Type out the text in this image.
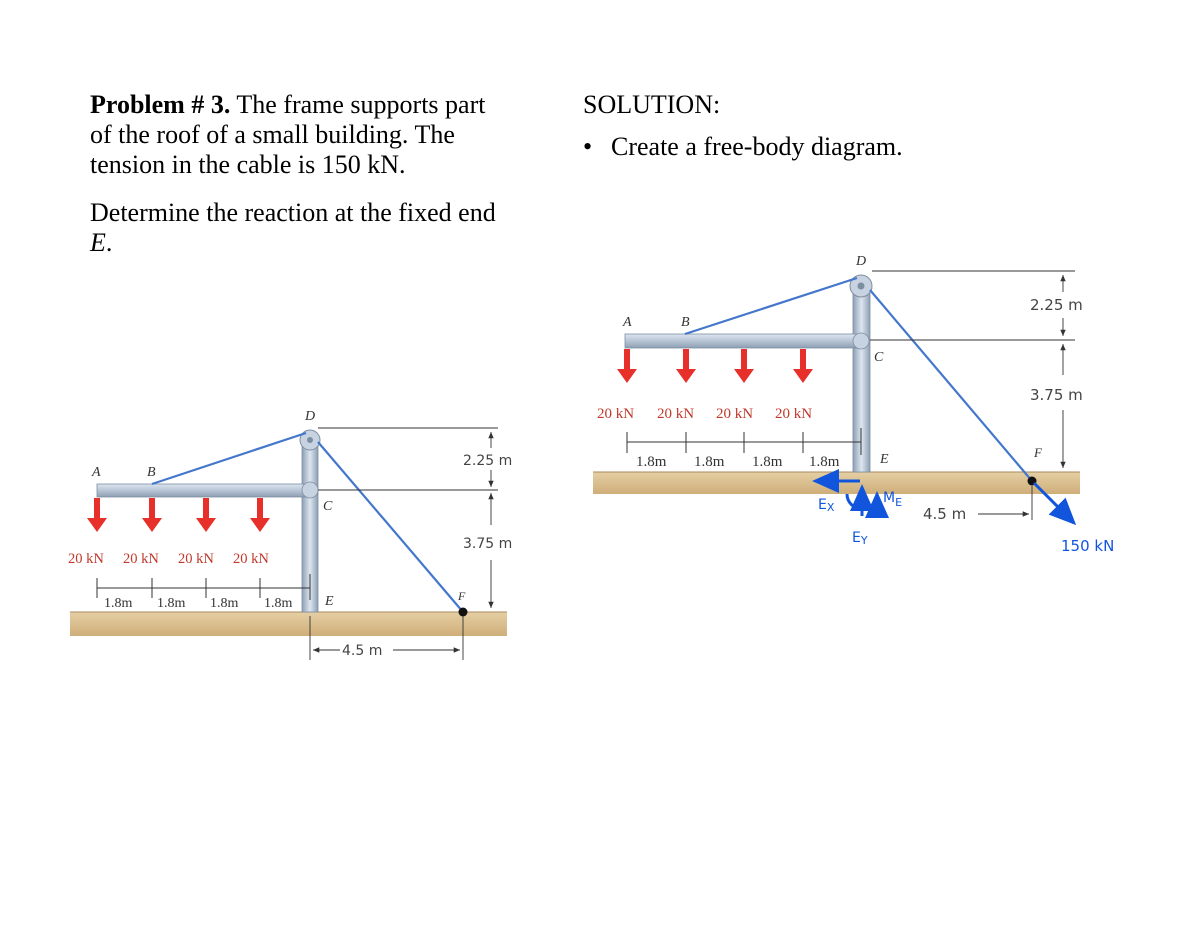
Problem # 3. The frame supports part of the roof of a small building. The tension in the cable is 150 kN.

Determine the reaction at the fixed end E.

SOLUTION:
• Create a free-body diagram.
A	B
C
D
E	F
20 kN 20 kN 20 kN 20 kN
1.8m 1.8m 1.8m 1.8m
2.25 m
3.75 m
4.5 m
150 kN
A	B
C
D
E	F
20 kN 20 kN 20 kN 20 kN
1.8m 1.8m 1.8m 1.8m
2.25 m
3.75 m
4.5 m
EX
EY
$M_E$
